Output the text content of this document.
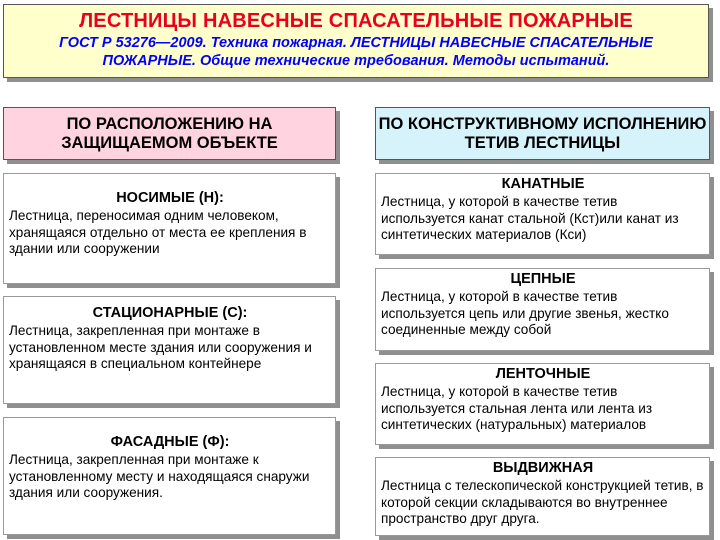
ЛЕСТНИЦЫ НАВЕСНЫЕ СПАСАТЕЛЬНЫЕ ПОЖАРНЫЕ
ГОСТ Р 53276—2009. Техника пожарная. ЛЕСТНИЦЫ НАВЕСНЫЕ СПАСАТЕЛЬНЫЕ ПОЖАРНЫЕ. Общие технические требования. Методы испытаний.
ПО РАСПОЛОЖЕНИЮ НА ЗАЩИЩАЕМОМ ОБЪЕКТЕ
ПО КОНСТРУКТИВНОМУ ИСПОЛНЕНИЮ ТЕТИВ ЛЕСТНИЦЫ
НОСИМЫЕ (Н):
Лестница, переносимая одним человеком, хранящаяся отдельно от места ее крепления в здании или сооружении
СТАЦИОНАРНЫЕ (С):
Лестница, закрепленная при монтаже в установленном месте здания или сооружения и хранящаяся в специальном контейнере
ФАСАДНЫЕ (Ф):
Лестница, закрепленная при монтаже к установленному месту и находящаяся снаружи здания или сооружения.
КАНАТНЫЕ
Лестница, у которой в качестве тетив используется канат стальной (Кст)или канат из синтетических материалов (Кси)
ЦЕПНЫЕ
Лестница, у которой в качестве тетив используется цепь или другие звенья, жестко соединенные между собой
ЛЕНТОЧНЫЕ
Лестница, у которой в качестве тетив используется стальная лента или лента из синтетических (натуральных) материалов
ВЫДВИЖНАЯ
Лестница с телескопической конструкцией тетив, в которой секции складываются во внутреннее пространство друг друга.
